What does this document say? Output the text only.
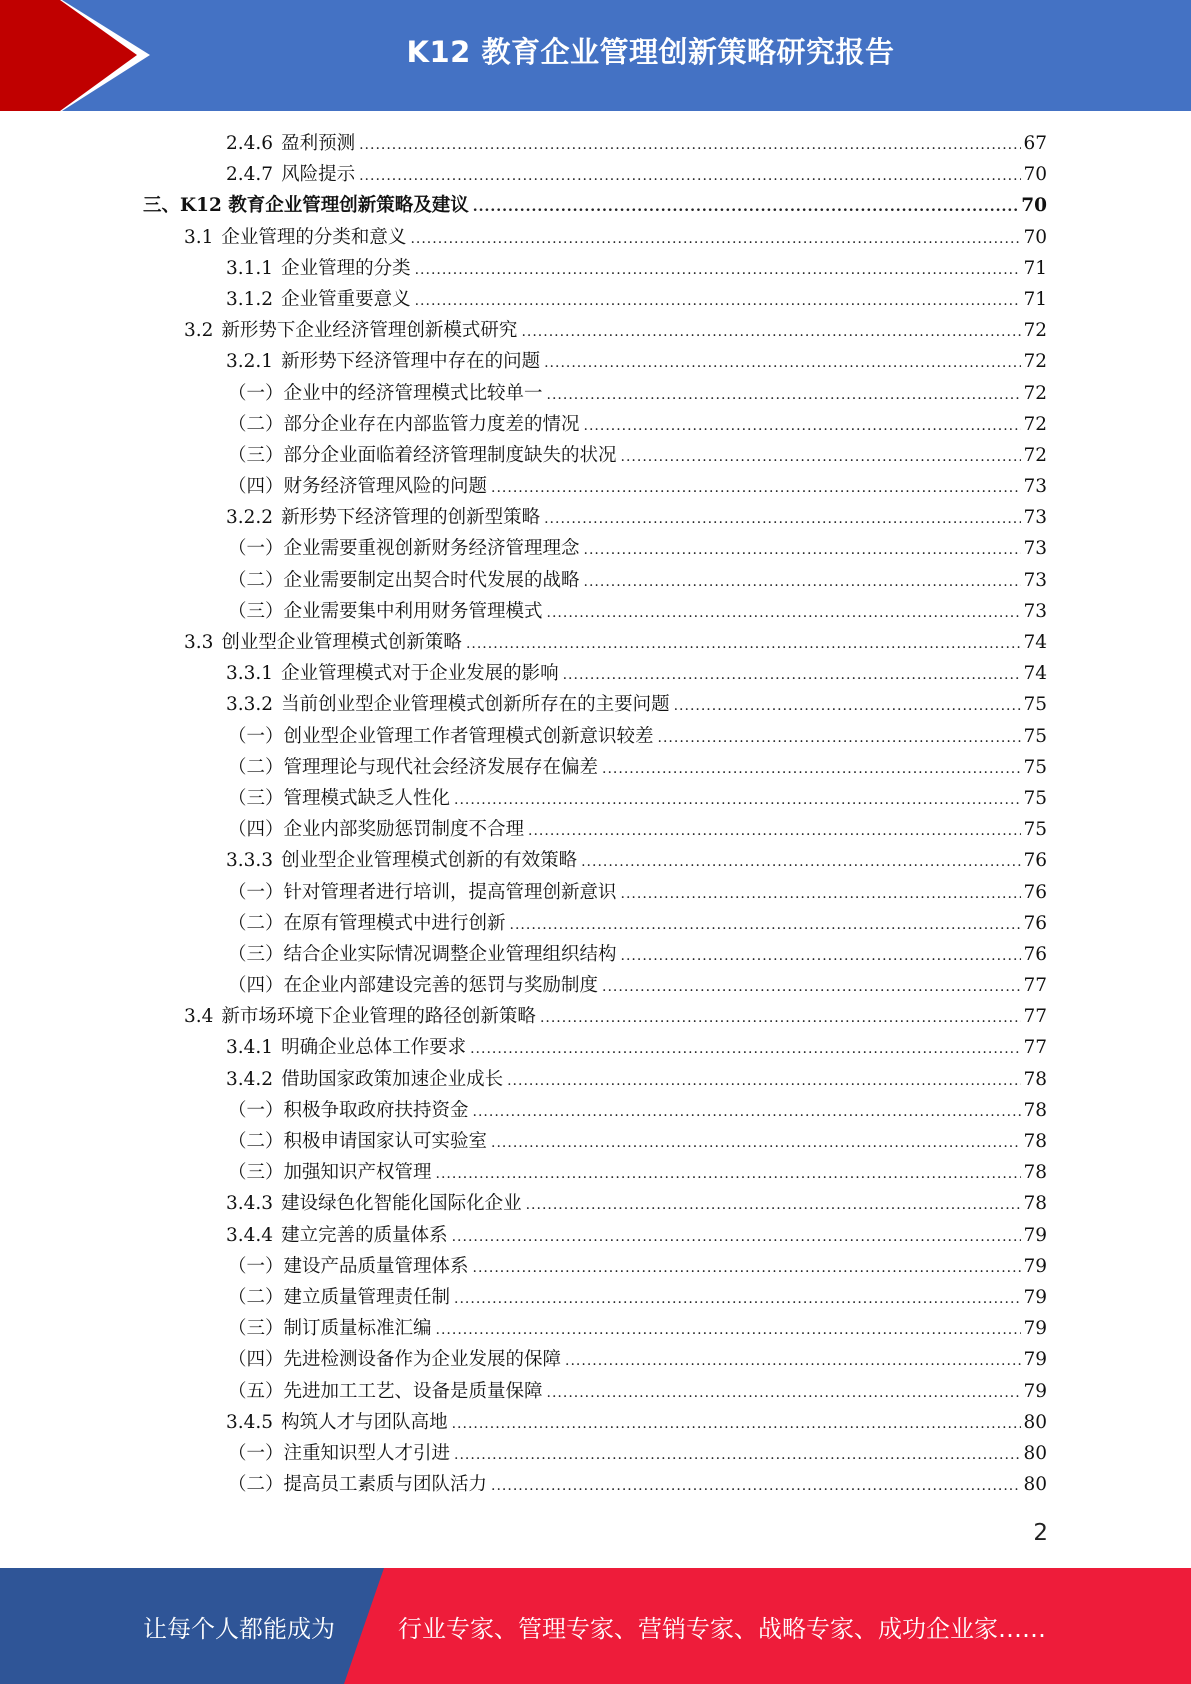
K12 教育企业管理创新策略研究报告
2.4.6 盈利预测 .....	67
2.4.7 风险提示 .....	70
三、K12 教育企业管理创新策略及建议 .....	70
3.1 企业管理的分类和意义 .....	70
3.1.1 企业管理的分类 .....	71
3.1.2 企业管重要意义 .....	71
3.2 新形势下企业经济管理创新模式研究 .....	72
3.2.1 新形势下经济管理中存在的问题 .....	72
（一）企业中的经济管理模式比较单一 .....	72
（二）部分企业存在内部监管力度差的情况 .....	72
（三）部分企业面临着经济管理制度缺失的状况 .....	72
（四）财务经济管理风险的问题 .....	73
3.2.2 新形势下经济管理的创新型策略 .....	73
（一）企业需要重视创新财务经济管理理念 .....	73
（二）企业需要制定出契合时代发展的战略 .....	73
（三）企业需要集中利用财务管理模式 .....	73
3.3 创业型企业管理模式创新策略 .....	74
3.3.1 企业管理模式对于企业发展的影响 .....	74
3.3.2 当前创业型企业管理模式创新所存在的主要问题 .....	75
（一）创业型企业管理工作者管理模式创新意识较差 .....	75
（二）管理理论与现代社会经济发展存在偏差 .....	75
（三）管理模式缺乏人性化 .....	75
（四）企业内部奖励惩罚制度不合理 .....	75
3.3.3 创业型企业管理模式创新的有效策略 .....	76
（一）针对管理者进行培训，提高管理创新意识 .....	76
（二）在原有管理模式中进行创新 .....	76
（三）结合企业实际情况调整企业管理组织结构 .....	76
（四）在企业内部建设完善的惩罚与奖励制度 .....	77
3.4 新市场环境下企业管理的路径创新策略 .....	77
3.4.1 明确企业总体工作要求 .....	77
3.4.2 借助国家政策加速企业成长 .....	78
（一）积极争取政府扶持资金 .....	78
（二）积极申请国家认可实验室 .....	78
（三）加强知识产权管理 .....	78
3.4.3 建设绿色化智能化国际化企业 .....	78
3.4.4 建立完善的质量体系 .....	79
（一）建设产品质量管理体系 .....	79
（二）建立质量管理责任制 .....	79
（三）制订质量标准汇编 .....	79
（四）先进检测设备作为企业发展的保障 .....	79
（五）先进加工工艺、设备是质量保障 .....	79
3.4.5 构筑人才与团队高地 .....	80
（一）注重知识型人才引进 .....	80
（二）提高员工素质与团队活力 .....	80
2
让每个人都能成为	行业专家、管理专家、营销专家、战略专家、成功企业家……
